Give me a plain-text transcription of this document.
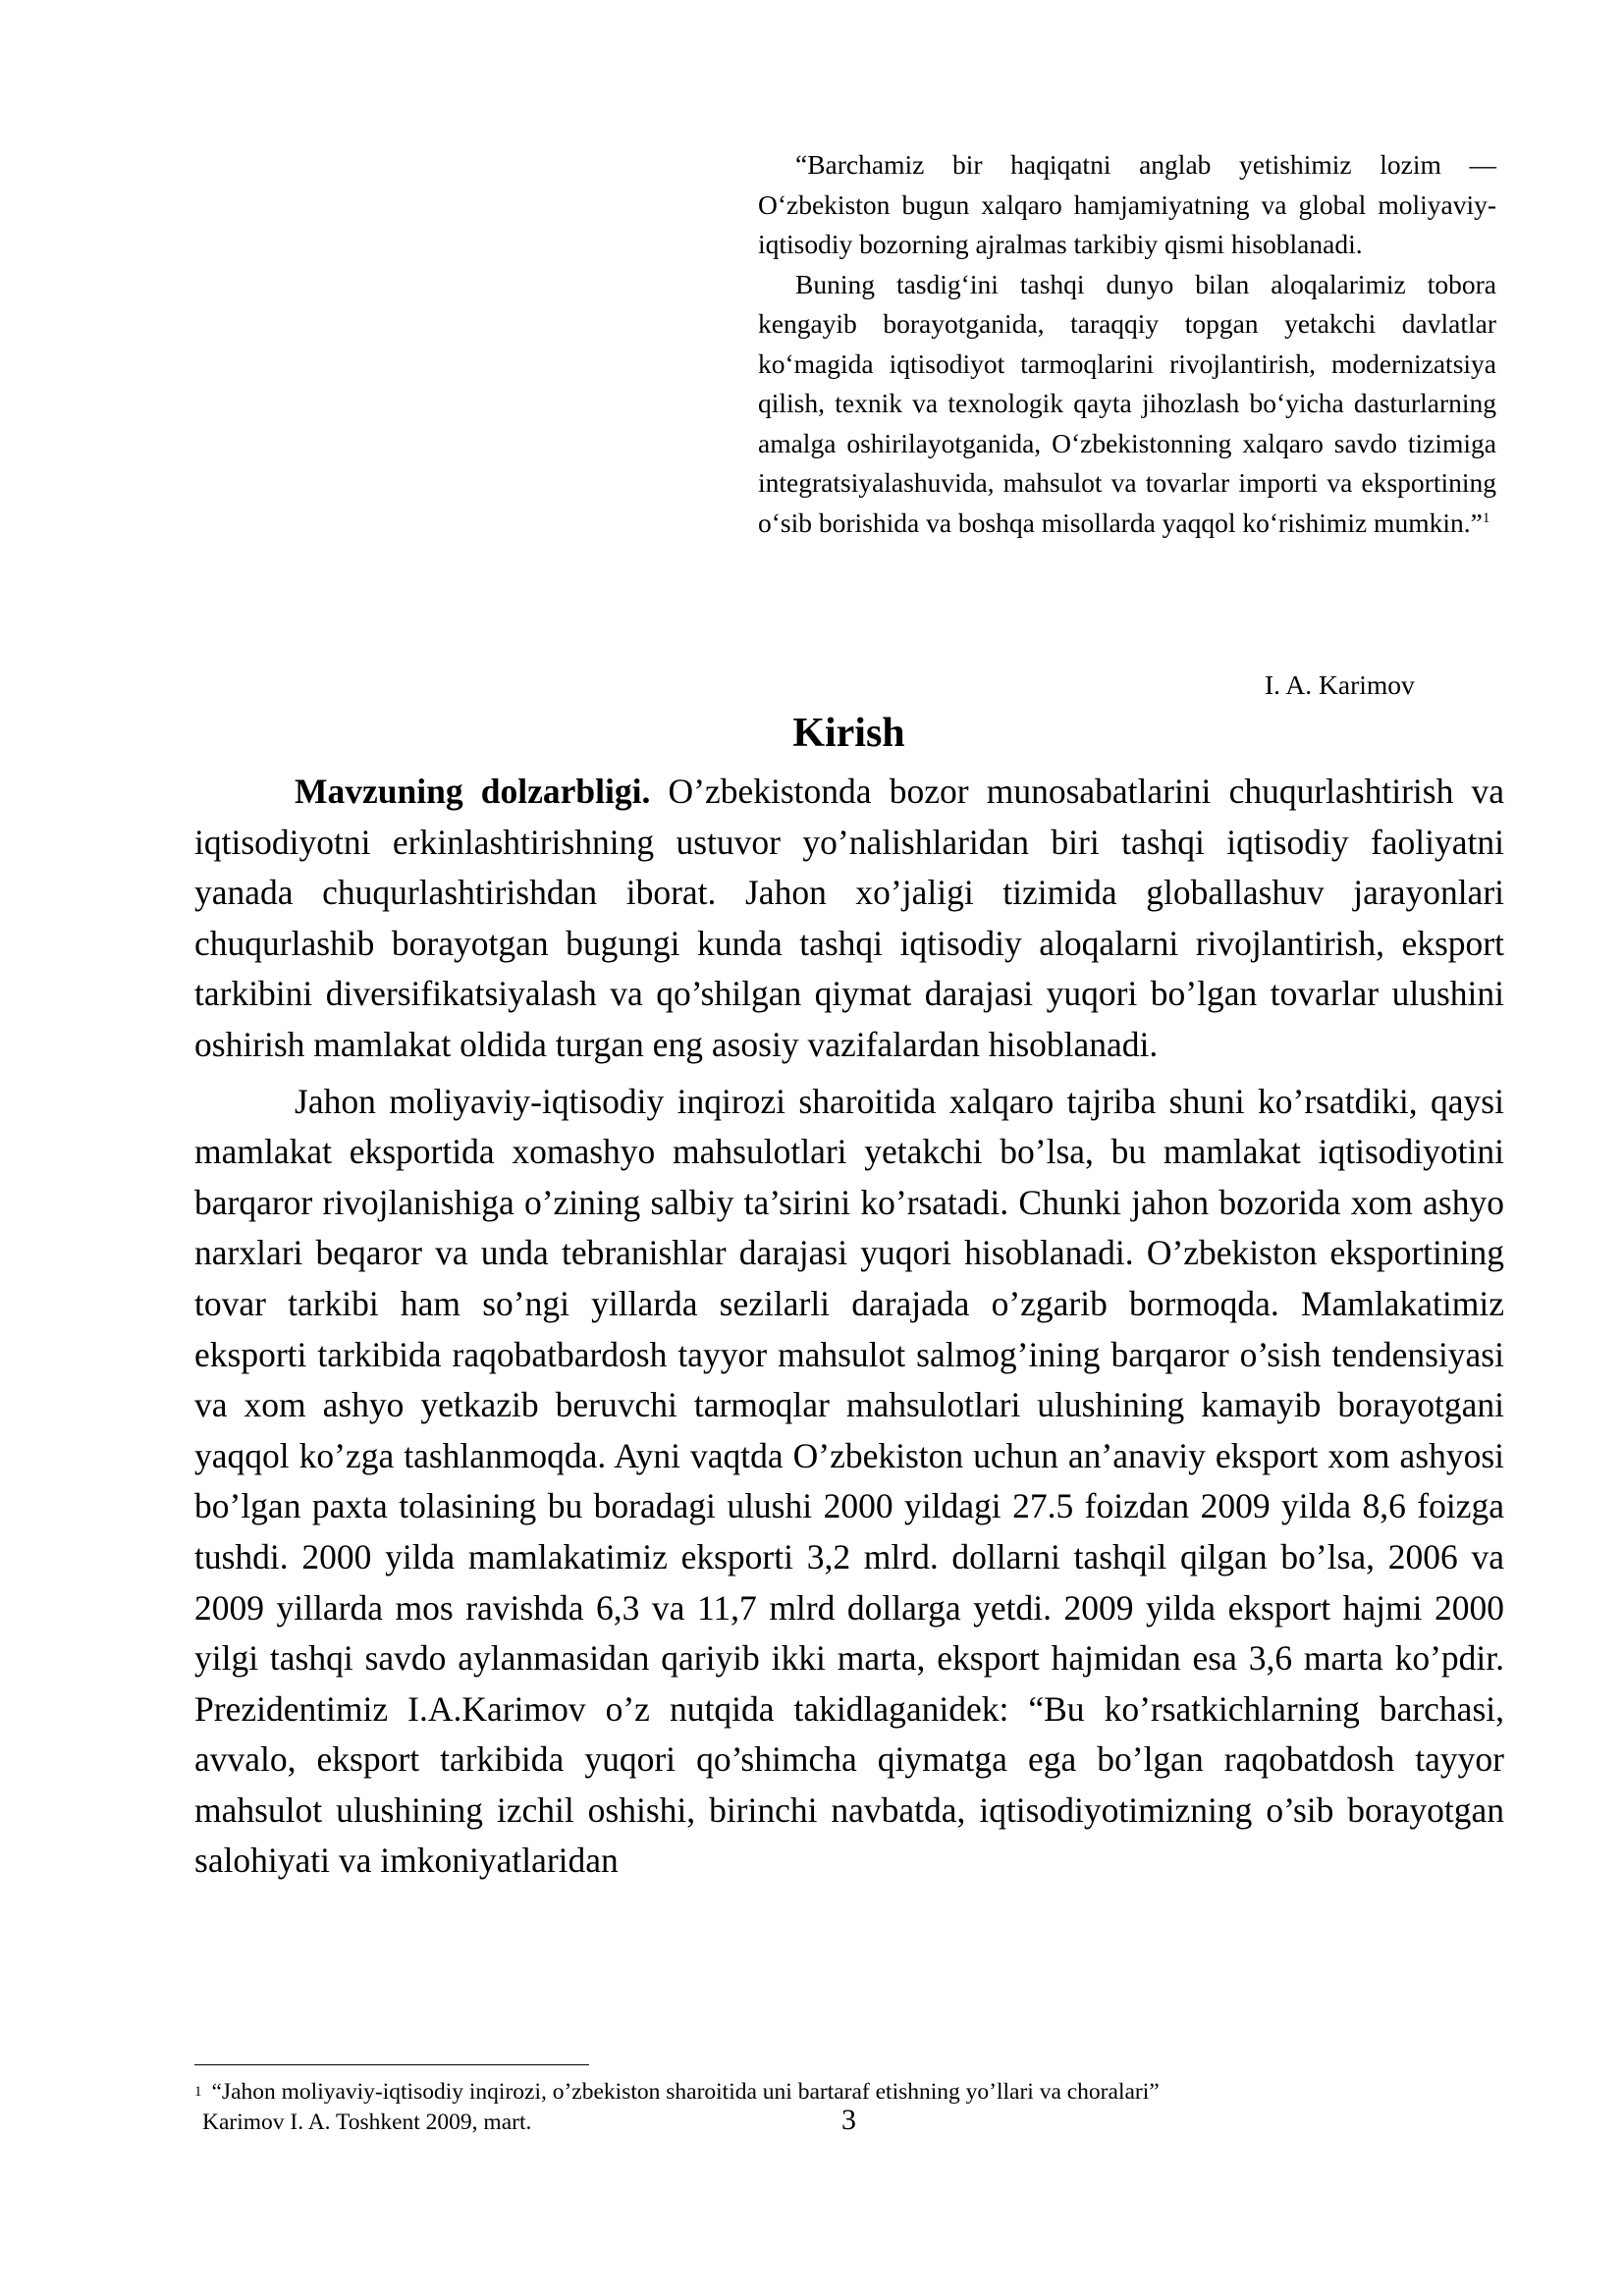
“Barchamiz bir haqiqatni anglab yetishimiz lozim — O‘zbekiston bugun xalqaro hamjamiyatning va global moliyaviy-iqtisodiy bozorning ajralmas tarkibiy qismi hisoblanadi.

Buning tasdig‘ini tashqi dunyo bilan aloqalarimiz tobora kengayib borayotganida, taraqqiy topgan yetakchi davlatlar ko‘magida iqtisodiyot tarmoqlarini rivojlantirish, modernizatsiya qilish, texnik va texnologik qayta jihozlash bo‘yicha dasturlarning amalga oshirilayotganida, O‘zbekistonning xalqaro savdo tizimiga integratsiyalashuvida, mahsulot va tovarlar importi va eksportining o‘sib borishida va boshqa misollarda yaqqol ko‘rishimiz mumkin.”$^1$

I. A. Karimov
Kirish

Mavzuning dolzarbligi. O’zbekistonda bozor munosabatlarini chuqurlashtirish va iqtisodiyotni erkinlashtirishning ustuvor yo’nalishlaridan biri tashqi iqtisodiy faoliyatni yanada chuqurlashtirishdan iborat. Jahon xo’jaligi tizimida globallashuv jarayonlari chuqurlashib borayotgan bugungi kunda tashqi iqtisodiy aloqalarni rivojlantirish, eksport tarkibini diversifikatsiyalash va qo’shilgan qiymat darajasi yuqori bo’lgan tovarlar ulushini oshirish mamlakat oldida turgan eng asosiy vazifalardan hisoblanadi.

Jahon moliyaviy-iqtisodiy inqirozi sharoitida xalqaro tajriba shuni ko’rsatdiki, qaysi mamlakat eksportida xomashyo mahsulotlari yetakchi bo’lsa, bu mamlakat iqtisodiyotini barqaror rivojlanishiga o’zining salbiy ta’sirini ko’rsatadi. Chunki jahon bozorida xom ashyo narxlari beqaror va unda tebranishlar darajasi yuqori hisoblanadi. O’zbekiston eksportining tovar tarkibi ham so’ngi yillarda sezilarli darajada o’zgarib bormoqda. Mamlakatimiz eksporti tarkibida raqobatbardosh tayyor mahsulot salmog’ining barqaror o’sish tendensiyasi va xom ashyo yetkazib beruvchi tarmoqlar mahsulotlari ulushining kamayib borayotgani yaqqol ko’zga tashlanmoqda. Ayni vaqtda O’zbekiston uchun an’anaviy eksport xom ashyosi bo’lgan paxta tolasining bu boradagi ulushi 2000 yildagi 27.5 foizdan 2009 yilda 8,6 foizga tushdi. 2000 yilda mamlakatimiz eksporti 3,2 mlrd. dollarni tashqil qilgan bo’lsa, 2006 va 2009 yillarda mos ravishda 6,3 va 11,7 mlrd dollarga yetdi. 2009 yilda eksport hajmi 2000 yilgi tashqi savdo aylanmasidan qariyib ikki marta, eksport hajmidan esa 3,6 marta ko’pdir. Prezidentimiz I.A.Karimov o’z nutqida takidlaganidek: “Bu ko’rsatkichlarning barchasi, avvalo, eksport tarkibida yuqori qo’shimcha qiymatga ega bo’lgan raqobatdosh tayyor mahsulot ulushining izchil oshishi, birinchi navbatda, iqtisodiyotimizning o’sib borayotgan salohiyati va imkoniyatlaridan

$^1$ “Jahon moliyaviy-iqtisodiy inqirozi, o’zbekiston sharoitida uni bartaraf etishning yo’llari va choralari”

Karimov I. A. Toshkent 2009, mart.	3
